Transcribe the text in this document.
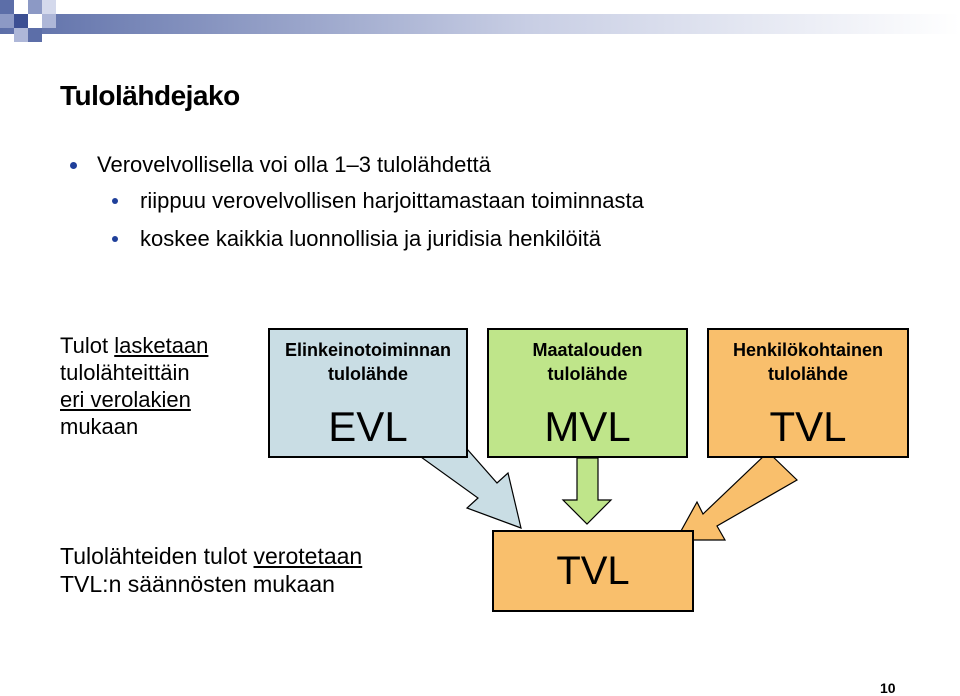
Tulolähdejako
Verovelvollisella voi olla 1–3 tulolähdettä
riippuu verovelvollisen harjoittamastaan toiminnasta
koskee kaikkia luonnollisia ja juridisia henkilöitä
Tulot lasketaan
tulolähteittäin
eri verolakien
mukaan
Elinkeinotoiminnan
tulolähde
EVL
Maatalouden
tulolähde
MVL
Henkilökohtainen
tulolähde
TVL
TVL
Tulolähteiden tulot verotetaan
TVL:n säännösten mukaan
10
